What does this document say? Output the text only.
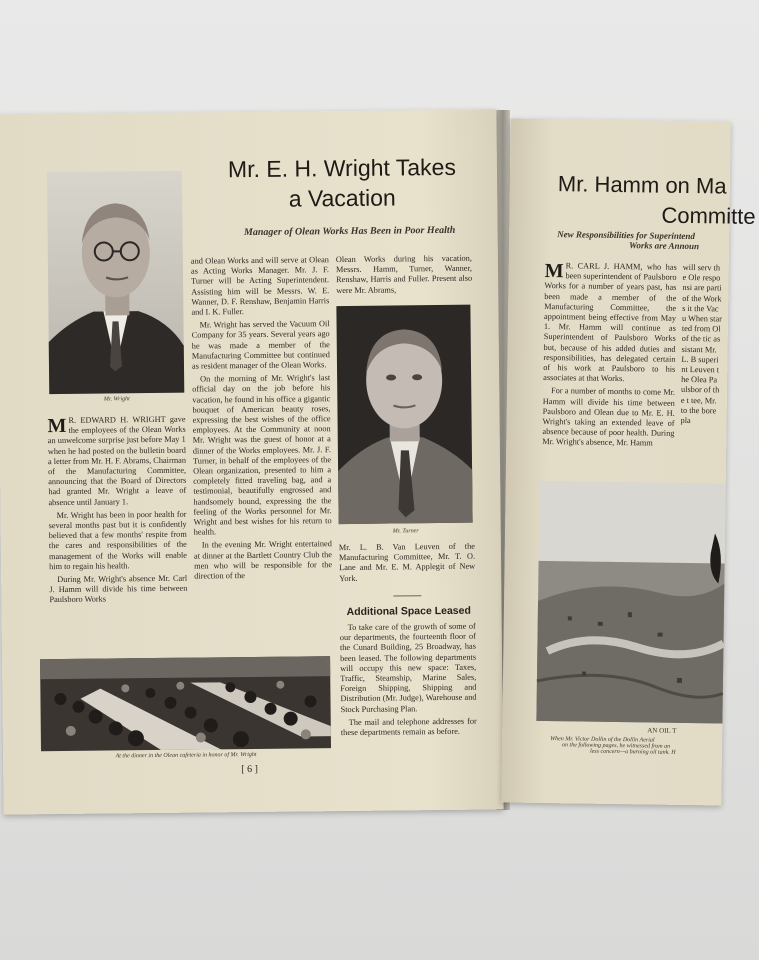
Mr. E. H. Wright Takes
a Vacation
Manager of Olean Works Has Been in Poor Health
Mr. Wright

M R. EDWARD H. WRIGHT gave the employees of the Olean Works an unwelcome surprise just before May 1 when he had posted on the bulletin board a letter from Mr. H. F. Abrams, Chairman of the Manufacturing Committee, announcing that the Board of Directors had granted Mr. Wright a leave of absence until January 1.

Mr. Wright has been in poor health for several months past but it is confidently believed that a few months' respite from the cares and responsibilities of the management of the Works will enable him to regain his health.

During Mr. Wright's absence Mr. Carl J. Hamm will divide his time between Paulsboro Works

and Olean Works and will serve at Olean as Acting Works Manager. Mr. J. F. Turner will be Acting Superintendent. Assisting him will be Messrs. W. E. Wanner, D. F. Renshaw, Benjamin Harris and I. K. Fuller.

Mr. Wright has served the Vacuum Oil Company for 35 years. Several years ago he was made a member of the Manufacturing Committee but continued as resident manager of the Olean Works.

On the morning of Mr. Wright's last official day on the job before his vacation, he found in his office a gigantic bouquet of American beauty roses, expressing the best wishes of the office employees. At the Community at noon Mr. Wright was the guest of honor at a dinner of the Works employees. Mr. J. F. Turner, in behalf of the employees of the Olean organization, presented to him a completely fitted traveling bag, and a testimonial, beautifully engrossed and handsomely bound, expressing the the feeling of the Works personnel for Mr. Wright and best wishes for his return to health.

In the evening Mr. Wright entertained at dinner at the Bartlett Country Club the men who will be responsible for the direction of the

Olean Works during his vacation, Messrs. Hamm, Turner, Wanner, Renshaw, Harris and Fuller. Present also were Mr. Abrams,

Mr. Turner

Mr. L. B. Van Leuven of the Manufacturing Committee, Mr. T. O. Lane and Mr. E. M. Applegit of New York.

Additional Space Leased

To take care of the growth of some of our departments, the fourteenth floor of the Cunard Building, 25 Broadway, has been leased. The following departments will occupy this new space: Taxes, Traffic, Steamship, Marine Sales, Foreign Shipping, Shipping and Distribution (Mr. Judge), Warehouse and Stock Purchasing Plan.

The mail and telephone addresses for these departments remain as before.

At the dinner in the Olean cafeteria in honor of Mr. Wright
[ 6 ]
Mr. Hamm on Ma
Committe
New Responsibilities for Superintend
Works are Announ

M R. CARL J. HAMM, who has been superintendent of Paulsboro Works for a number of years past, has been made a member of the Manufacturing Committee, the appointment being effective from May 1. Mr. Hamm will continue as Superintendent of Paulsboro Works but, because of his added duties and responsibilities, has delegated certain of his work at Paulsboro to his associates at that Works.

For a number of months to come Mr. Hamm will divide his time between Paulsboro and Olean due to Mr. E. H. Wright's taking an extended leave of absence because of poor health. During Mr. Wright's absence, Mr. Hamm

will serv the Ole responsi are parti of the Works it the Vacu When started from Ol of the tic assistant Mr. L. B superint Leuven the Olea Paulsbor of the t tee, Mr. to the bore pla
AN OIL T
When Mr. Victor Dollin of the Dollin Aerial
on the following pages, he witnessed from an
less concern—a burning oil tank. H
